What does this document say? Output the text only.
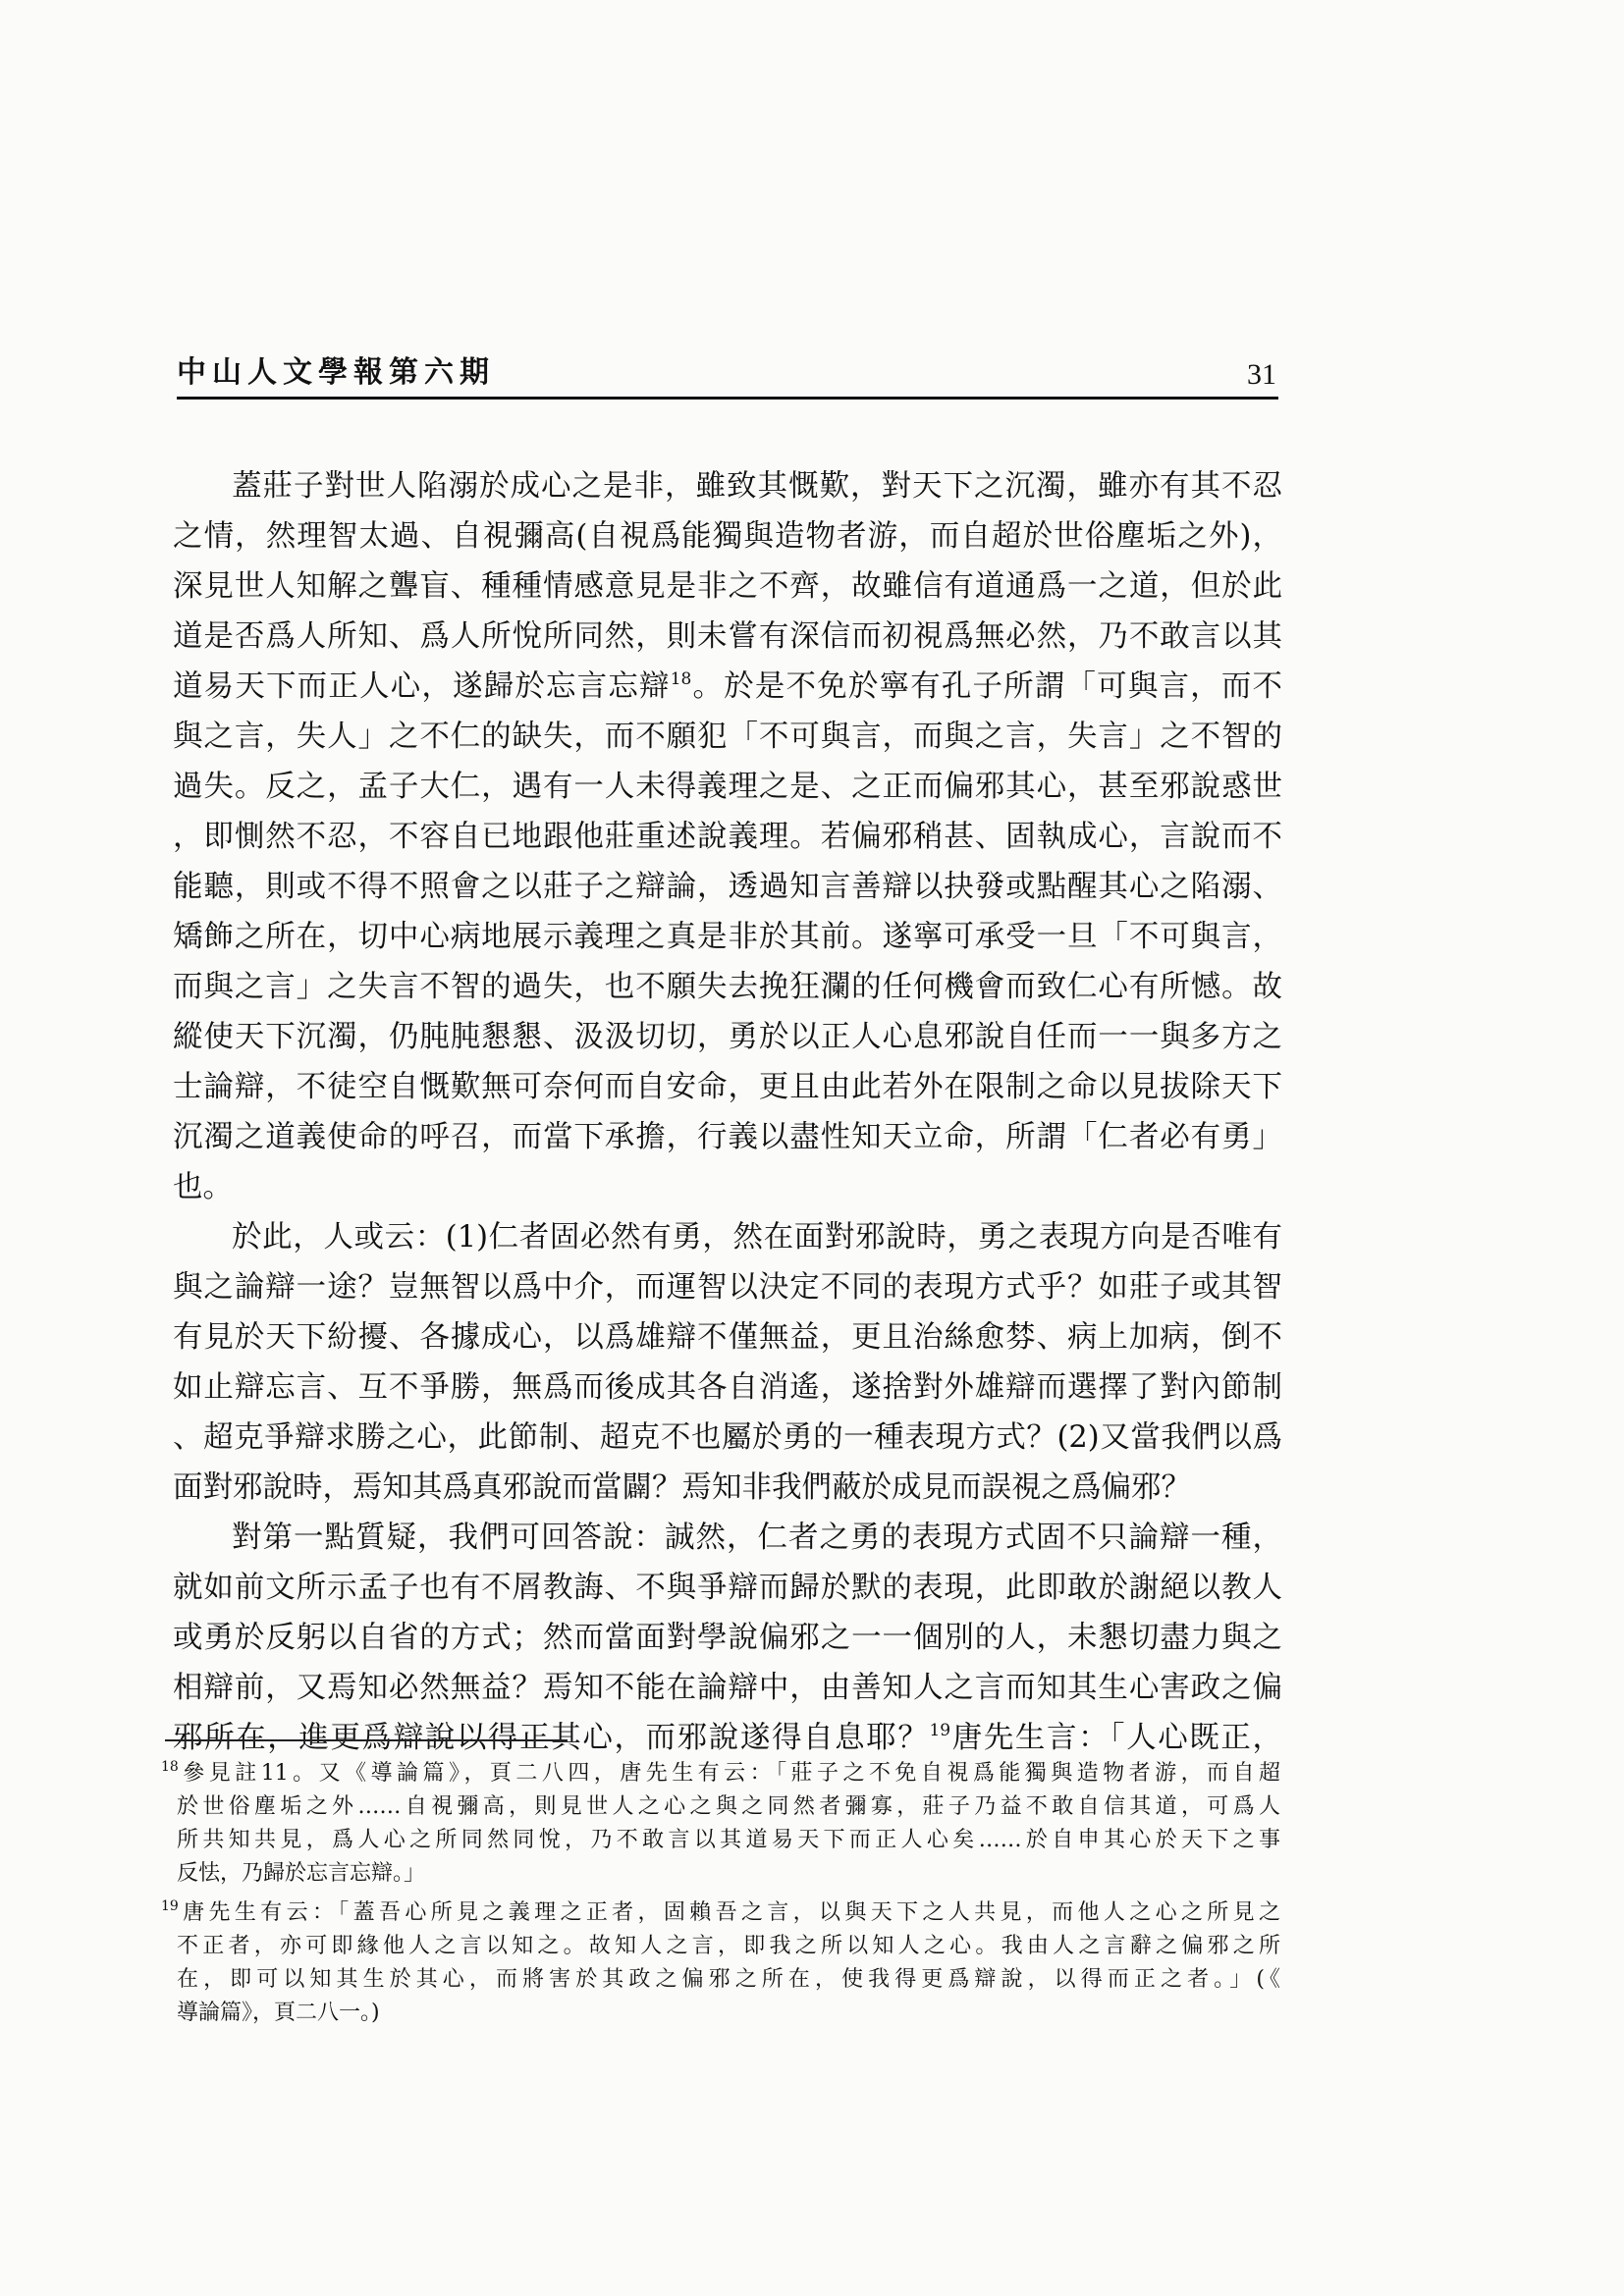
中山人文學報第六期	31
蓋莊子對世人陷溺於成心之是非，雖致其慨歎，對天下之沉濁，雖亦有其不忍
之情，然理智太過、自視彌高(自視爲能獨與造物者游，而自超於世俗塵垢之外)，
深見世人知解之聾盲、種種情感意見是非之不齊，故雖信有道通爲一之道，但於此
道是否爲人所知、爲人所悅所同然，則未嘗有深信而初視爲無必然，乃不敢言以其
道易天下而正人心，遂歸於忘言忘辯$^{18}$。於是不免於寧有孔子所謂「可與言，而不
與之言，失人」之不仁的缺失，而不願犯「不可與言，而與之言，失言」之不智的
過失。反之，孟子大仁，遇有一人未得義理之是、之正而偏邪其心，甚至邪說惑世
，即惻然不忍，不容自已地跟他莊重述說義理。若偏邪稍甚、固執成心，言說而不
能聽，則或不得不照會之以莊子之辯論，透過知言善辯以抉發或點醒其心之陷溺、
矯飾之所在，切中心病地展示義理之真是非於其前。遂寧可承受一旦「不可與言，
而與之言」之失言不智的過失，也不願失去挽狂瀾的任何機會而致仁心有所憾。故
縱使天下沉濁，仍肫肫懇懇、汲汲切切，勇於以正人心息邪說自任而一一與多方之
士論辯，不徒空自慨歎無可奈何而自安命，更且由此若外在限制之命以見拔除天下
沉濁之道義使命的呼召，而當下承擔，行義以盡性知天立命，所謂「仁者必有勇」
也。
於此，人或云：(1)仁者固必然有勇，然在面對邪說時，勇之表現方向是否唯有
與之論辯一途？豈無智以爲中介，而運智以決定不同的表現方式乎？如莊子或其智
有見於天下紛擾、各據成心，以爲雄辯不僅無益，更且治絲愈棼、病上加病，倒不
如止辯忘言、互不爭勝，無爲而後成其各自消遙，遂捨對外雄辯而選擇了對內節制
、超克爭辯求勝之心，此節制、超克不也屬於勇的一種表現方式？(2)又當我們以爲
面對邪說時，焉知其爲真邪說而當闢？焉知非我們蔽於成見而誤視之爲偏邪？
對第一點質疑，我們可回答說：誠然，仁者之勇的表現方式固不只論辯一種，
就如前文所示孟子也有不屑教誨、不與爭辯而歸於默的表現，此即敢於謝絕以教人
或勇於反躬以自省的方式；然而當面對學說偏邪之一一個別的人，未懇切盡力與之
相辯前，又焉知必然無益？焉知不能在論辯中，由善知人之言而知其生心害政之偏
邪所在，進更爲辯說以得正其心，而邪說遂得自息耶？$^{19}$唐先生言：「人心既正，
$^{18}$參見註11。又《導論篇》，頁二八四，唐先生有云：「莊子之不免自視爲能獨與造物者游，而自超
於世俗塵垢之外……自視彌高，則見世人之心之與之同然者彌寡，莊子乃益不敢自信其道，可爲人
所共知共見，爲人心之所同然同悅，乃不敢言以其道易天下而正人心矣……於自申其心於天下之事
反怯，乃歸於忘言忘辯。」
$^{19}$唐先生有云：「蓋吾心所見之義理之正者，固賴吾之言，以與天下之人共見，而他人之心之所見之
不正者，亦可即緣他人之言以知之。故知人之言，即我之所以知人之心。我由人之言辭之偏邪之所
在，即可以知其生於其心，而將害於其政之偏邪之所在，使我得更爲辯說，以得而正之者。」(《
導論篇》，頁二八一。)
